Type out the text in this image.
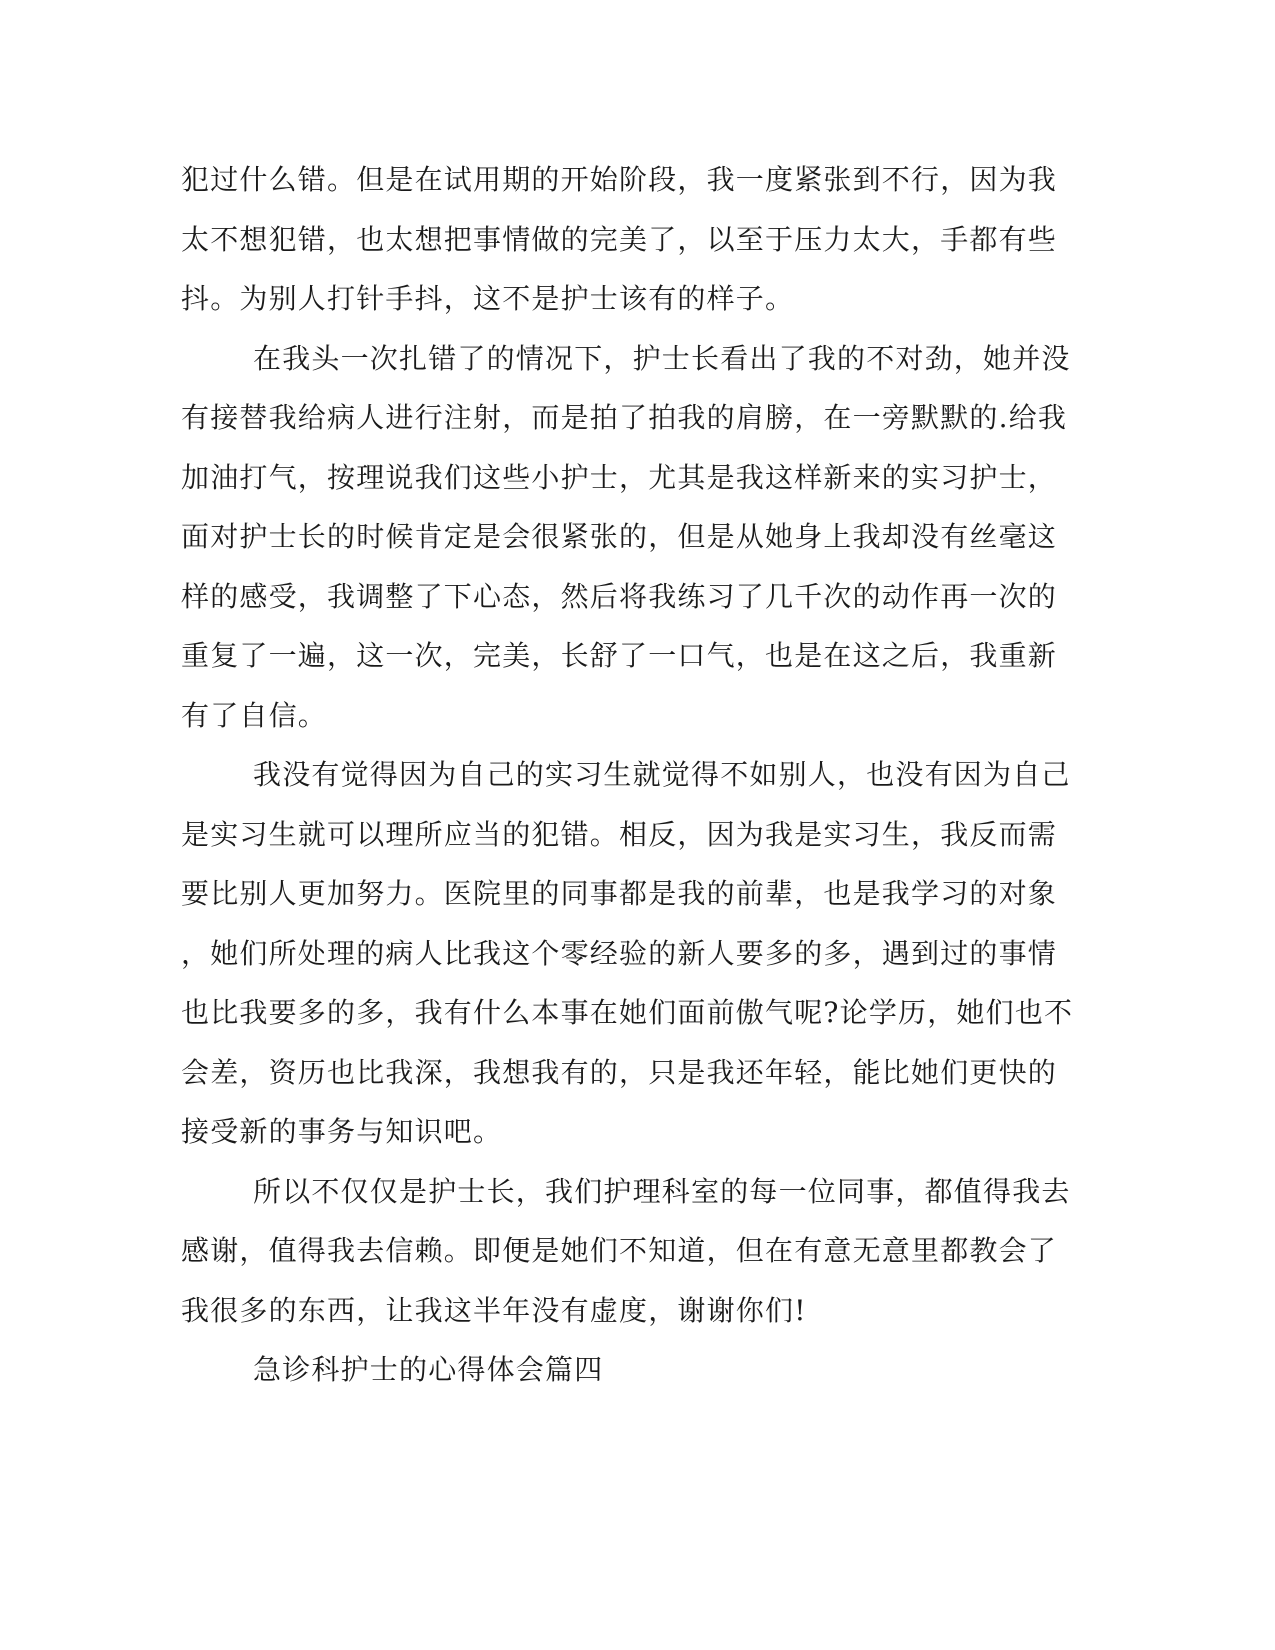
犯过什么错。但是在试用期的开始阶段，我一度紧张到不行，因为我
太不想犯错，也太想把事情做的完美了，以至于压力太大，手都有些
抖。为别人打针手抖，这不是护士该有的样子。
在我头一次扎错了的情况下，护士长看出了我的不对劲，她并没
有接替我给病人进行注射，而是拍了拍我的肩膀，在一旁默默的.给我
加油打气，按理说我们这些小护士，尤其是我这样新来的实习护士，
面对护士长的时候肯定是会很紧张的，但是从她身上我却没有丝毫这
样的感受，我调整了下心态，然后将我练习了几千次的动作再一次的
重复了一遍，这一次，完美，长舒了一口气，也是在这之后，我重新
有了自信。
我没有觉得因为自己的实习生就觉得不如别人，也没有因为自己
是实习生就可以理所应当的犯错。相反，因为我是实习生，我反而需
要比别人更加努力。医院里的同事都是我的前辈，也是我学习的对象
，她们所处理的病人比我这个零经验的新人要多的多，遇到过的事情
也比我要多的多，我有什么本事在她们面前傲气呢?论学历，她们也不
会差，资历也比我深，我想我有的，只是我还年轻，能比她们更快的
接受新的事务与知识吧。
所以不仅仅是护士长，我们护理科室的每一位同事，都值得我去
感谢，值得我去信赖。即便是她们不知道，但在有意无意里都教会了
我很多的东西，让我这半年没有虚度，谢谢你们!
急诊科护士的心得体会篇四
